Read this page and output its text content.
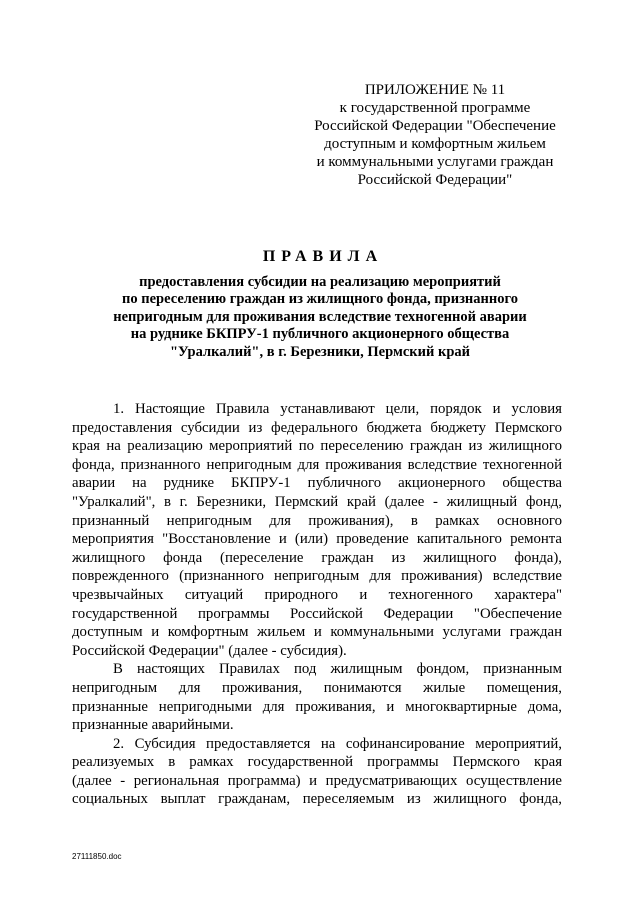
ПРИЛОЖЕНИЕ № 11
к государственной программе
Российской Федерации "Обеспечение
доступным и комфортным жильем
и коммунальными услугами граждан
Российской Федерации"
ПРАВИЛА
предоставления субсидии на реализацию мероприятий
по переселению граждан из жилищного фонда, признанного
непригодным для проживания вследствие техногенной аварии
на руднике БКПРУ-1 публичного акционерного общества
"Уралкалий", в г. Березники, Пермский край
1. Настоящие Правила устанавливают цели, порядок и условия
предоставления субсидии из федерального бюджета бюджету Пермского
края на реализацию мероприятий по переселению граждан из жилищного
фонда, признанного непригодным для проживания вследствие техногенной
аварии на руднике БКПРУ-1 публичного акционерного общества
"Уралкалий", в г. Березники, Пермский край (далее - жилищный фонд,
признанный непригодным для проживания), в рамках основного
мероприятия "Восстановление и (или) проведение капитального ремонта
жилищного фонда (переселение граждан из жилищного фонда),
поврежденного (признанного непригодным для проживания) вследствие
чрезвычайных ситуаций природного и техногенного характера"
государственной программы Российской Федерации "Обеспечение
доступным и комфортным жильем и коммунальными услугами граждан
Российской Федерации" (далее - субсидия).
В настоящих Правилах под жилищным фондом, признанным
непригодным для проживания, понимаются жилые помещения,
признанные непригодными для проживания, и многоквартирные дома,
признанные аварийными.
2. Субсидия предоставляется на софинансирование мероприятий,
реализуемых в рамках государственной программы Пермского края
(далее - региональная программа) и предусматривающих осуществление
социальных выплат гражданам, переселяемым из жилищного фонда,
27111850.doc
